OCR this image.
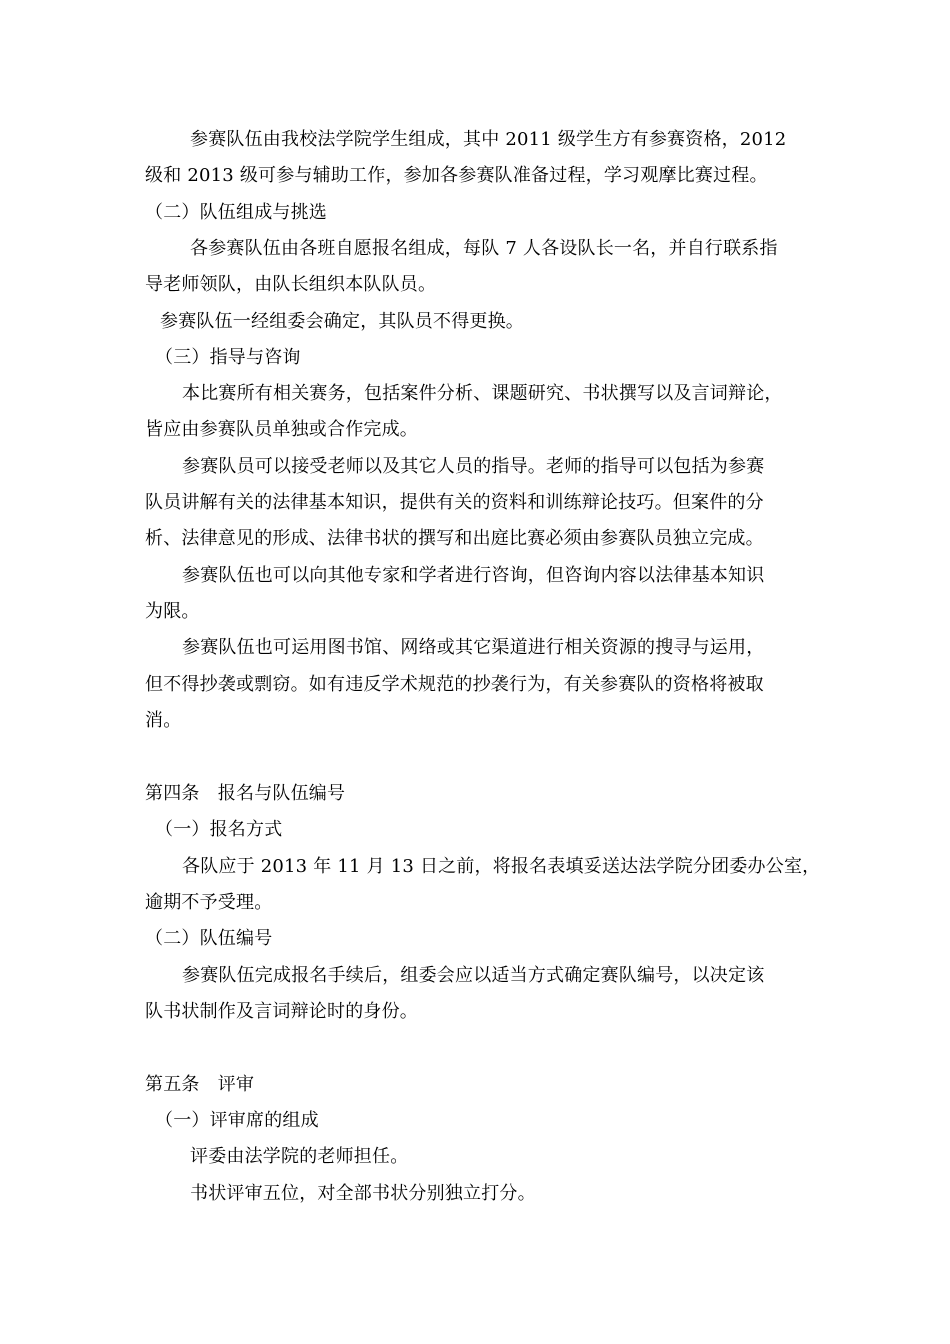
参赛队伍由我校法学院学生组成，其中 2011 级学生方有参赛资格，2012

级和 2013 级可参与辅助工作，参加各参赛队准备过程，学习观摩比赛过程。

（二）队伍组成与挑选

各参赛队伍由各班自愿报名组成，每队 7 人各设队长一名，并自行联系指

导老师领队，由队长组织本队队员。

参赛队伍一经组委会确定，其队员不得更换。

（三）指导与咨询

本比赛所有相关赛务，包括案件分析、课题研究、书状撰写以及言词辩论，

皆应由参赛队员单独或合作完成。

参赛队员可以接受老师以及其它人员的指导。老师的指导可以包括为参赛

队员讲解有关的法律基本知识，提供有关的资料和训练辩论技巧。但案件的分

析、法律意见的形成、法律书状的撰写和出庭比赛必须由参赛队员独立完成。

参赛队伍也可以向其他专家和学者进行咨询，但咨询内容以法律基本知识

为限。

参赛队伍也可运用图书馆、网络或其它渠道进行相关资源的搜寻与运用，

但不得抄袭或剽窃。如有违反学术规范的抄袭行为，有关参赛队的资格将被取

消。

第四条　报名与队伍编号

（一）报名方式

各队应于 2013 年 11 月 13 日之前，将报名表填妥送达法学院分团委办公室，

逾期不予受理。

（二）队伍编号

参赛队伍完成报名手续后，组委会应以适当方式确定赛队编号，以决定该

队书状制作及言词辩论时的身份。

第五条　评审

（一）评审席的组成

评委由法学院的老师担任。

书状评审五位，对全部书状分别独立打分。
